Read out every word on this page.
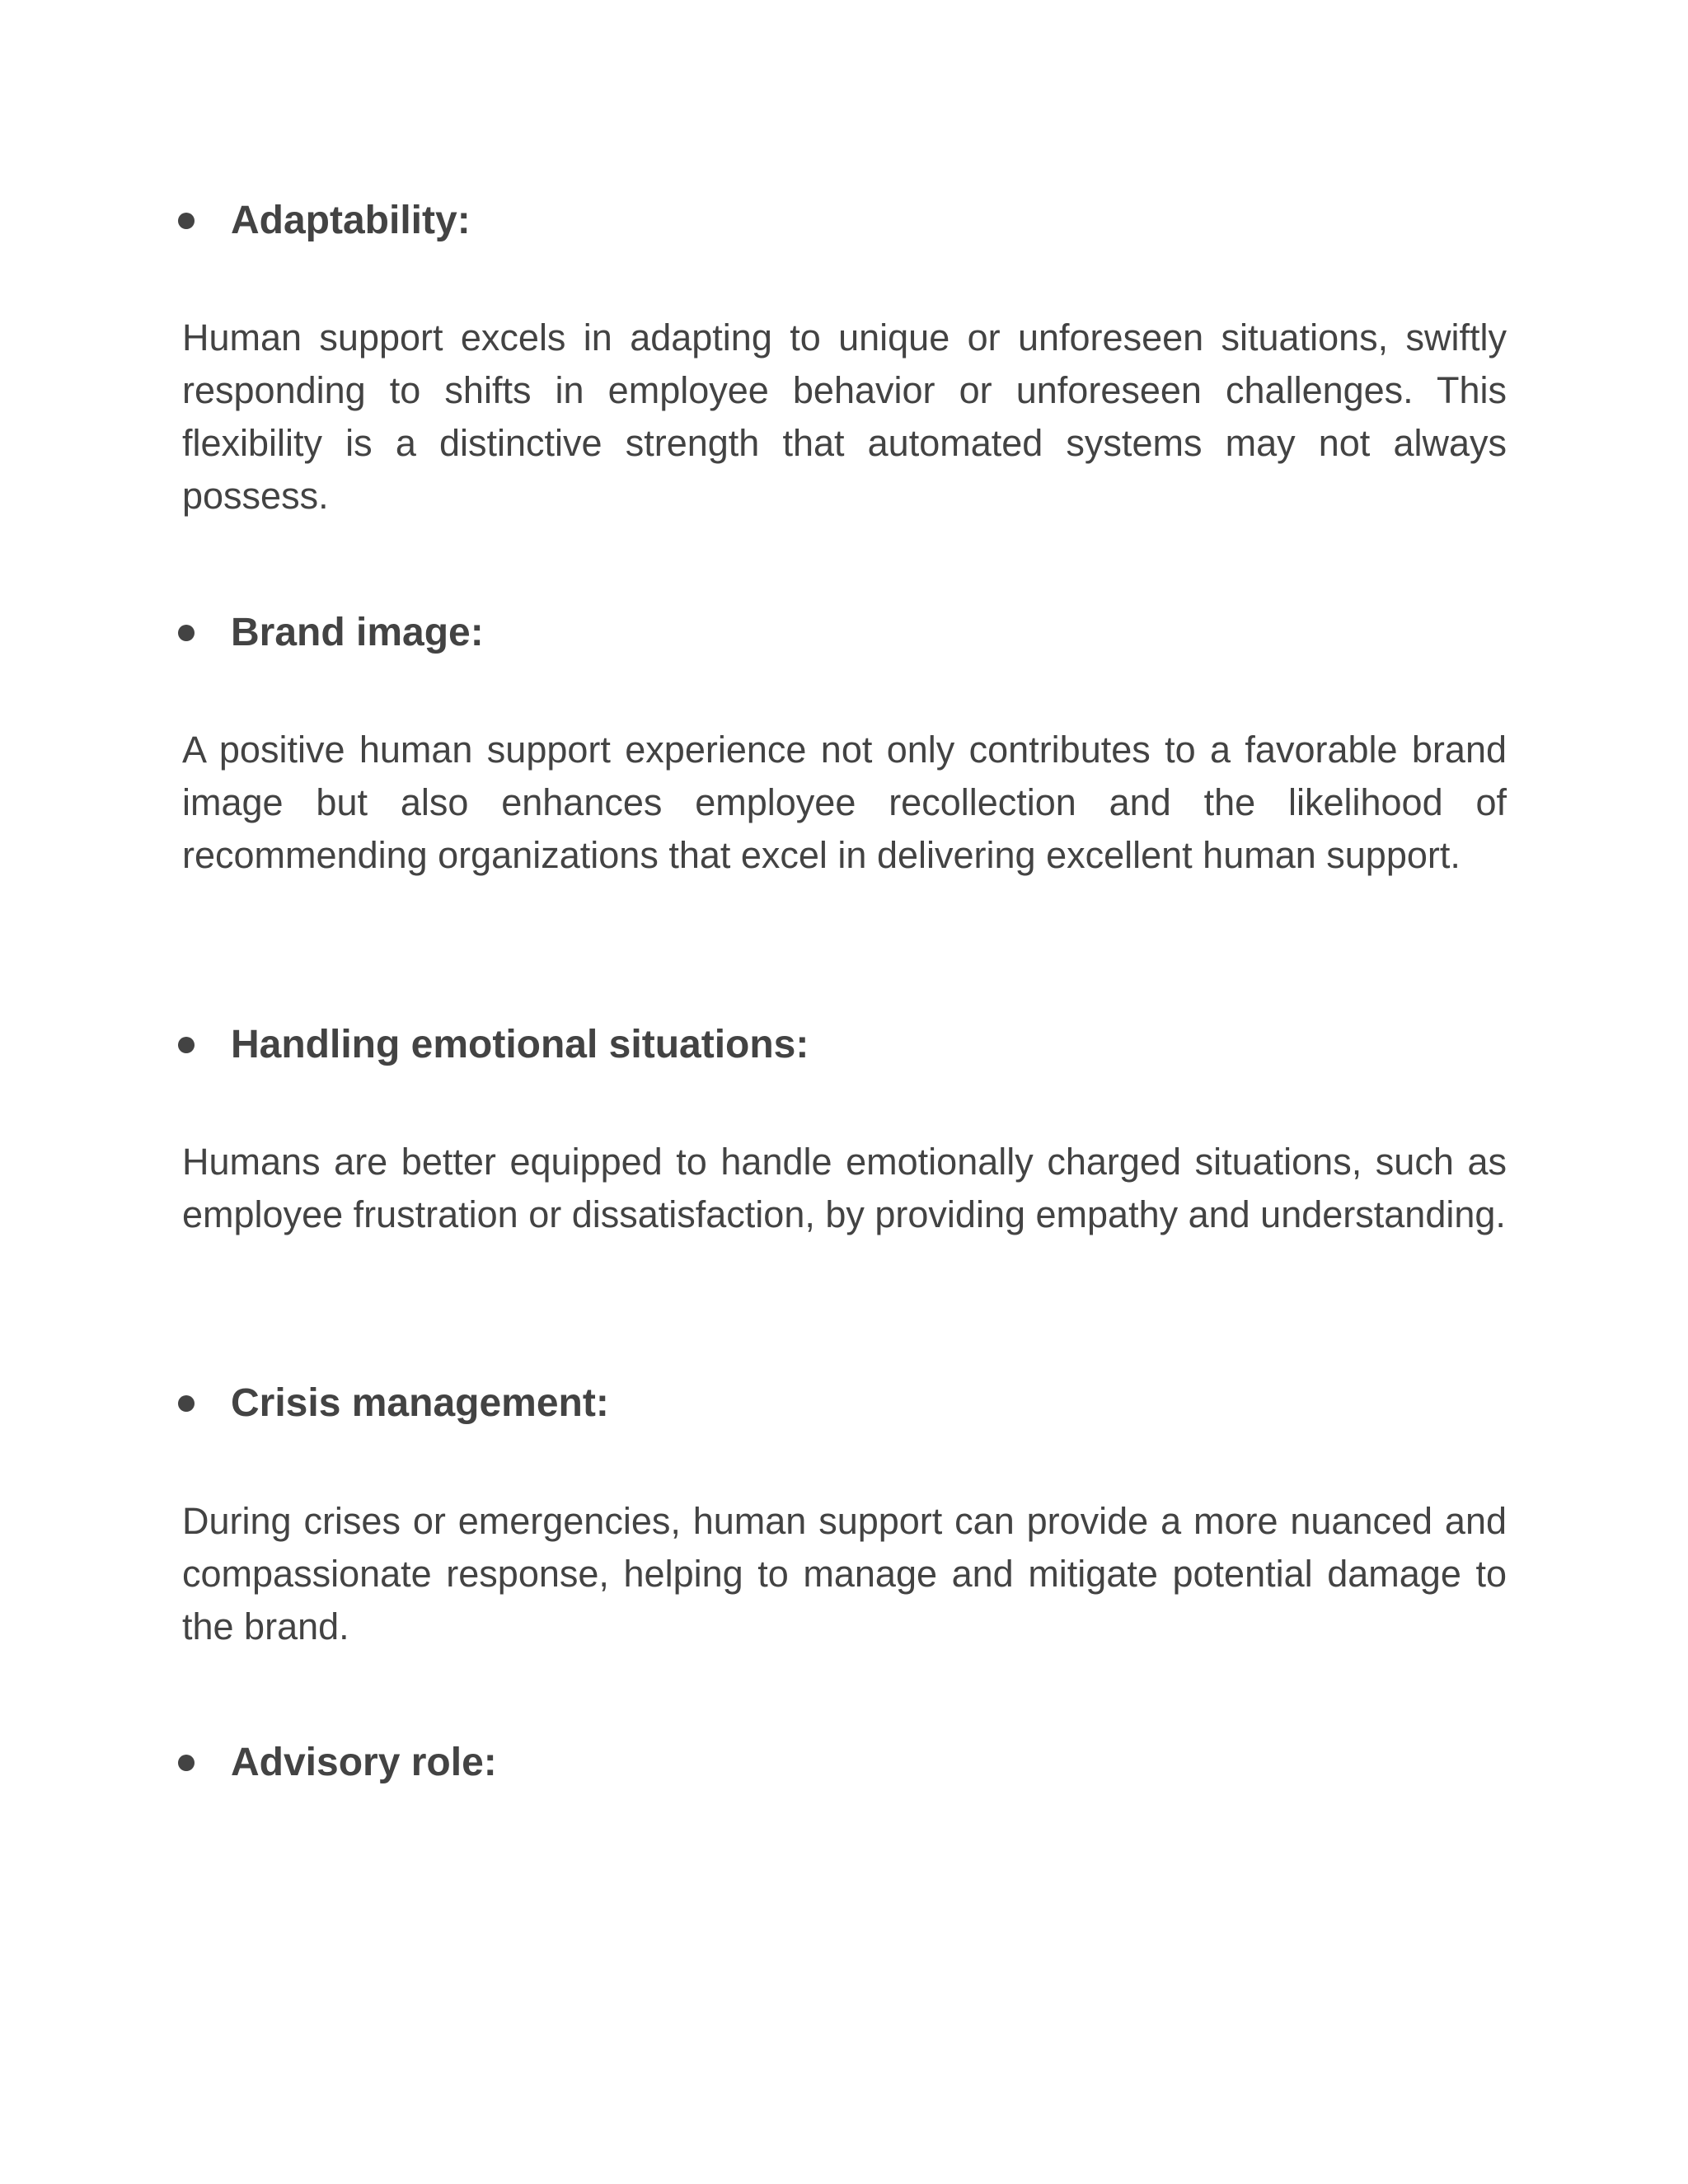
Adaptability:

Human support excels in adapting to unique or unforeseen situations, swiftly responding to shifts in employee behavior or unforeseen challenges. This flexibility is a distinctive strength that automated systems may not always possess.

Brand image:

A positive human support experience not only contributes to a favorable brand image but also enhances employee recollection and the likelihood of recommending organizations that excel in delivering excellent human support.

Handling emotional situations:

Humans are better equipped to handle emotionally charged situations, such as employee frustration or dissatisfaction, by providing empathy and understanding.

Crisis management:

During crises or emergencies, human support can provide a more nuanced and compassionate response, helping to manage and mitigate potential damage to the brand.

Advisory role:
